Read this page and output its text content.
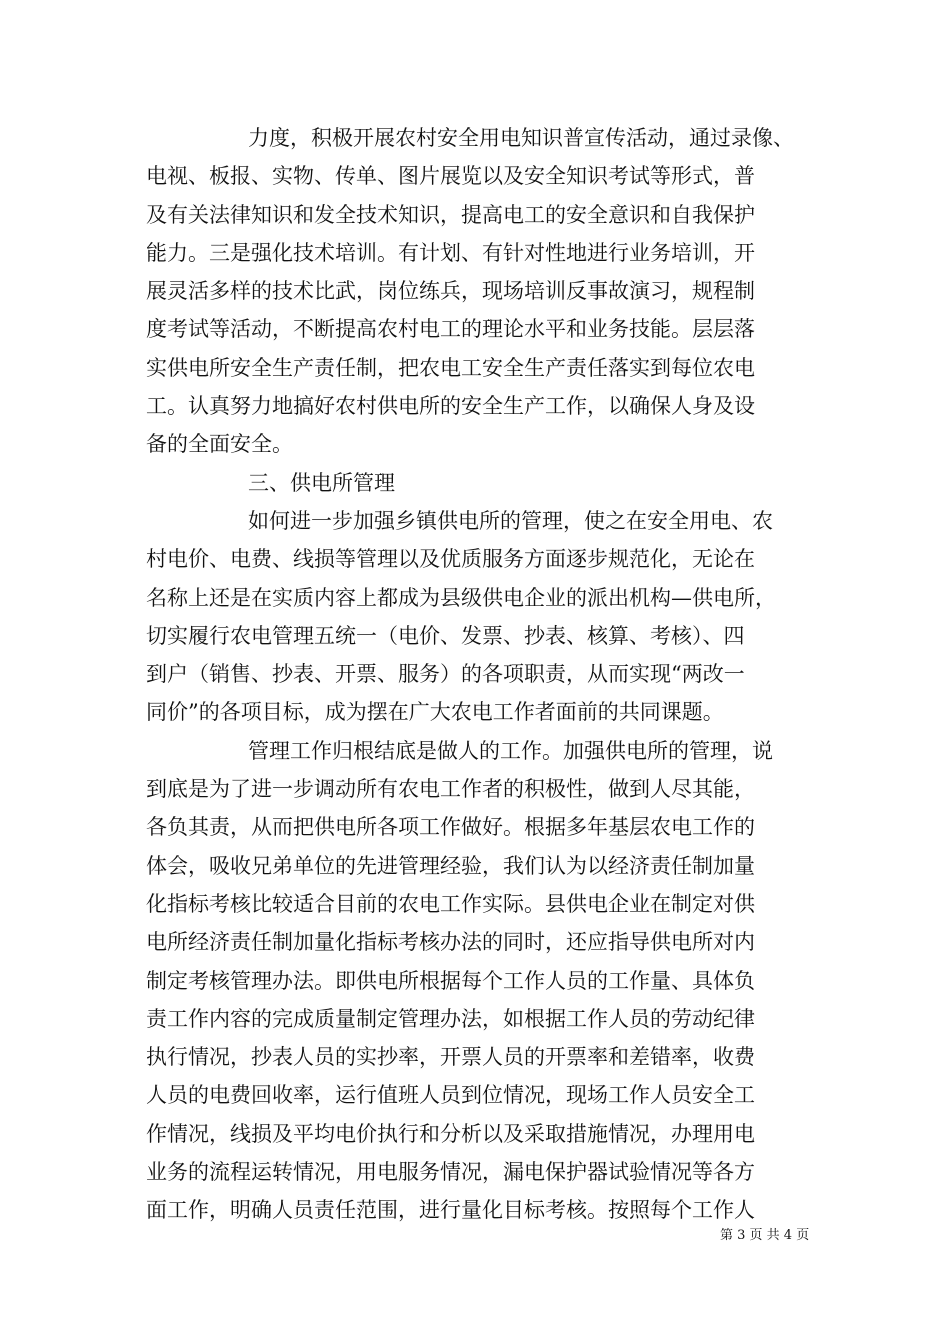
力度，积极开展农村安全用电知识普宣传活动，通过录像、
电视、板报、实物、传单、图片展览以及安全知识考试等形式，普
及有关法律知识和发全技术知识，提高电工的安全意识和自我保护
能力。三是强化技术培训。有计划、有针对性地进行业务培训，开
展灵活多样的技术比武，岗位练兵，现场培训反事故演习，规程制
度考试等活动，不断提高农村电工的理论水平和业务技能。层层落
实供电所安全生产责任制，把农电工安全生产责任落实到每位农电
工。认真努力地搞好农村供电所的安全生产工作，以确保人身及设
备的全面安全。
三、供电所管理
如何进一步加强乡镇供电所的管理，使之在安全用电、农
村电价、电费、线损等管理以及优质服务方面逐步规范化，无论在
名称上还是在实质内容上都成为县级供电企业的派出机构—供电所，
切实履行农电管理五统一（电价、发票、抄表、核算、考核）、四
到户（销售、抄表、开票、服务）的各项职责，从而实现“两改一
同价”的各项目标，成为摆在广大农电工作者面前的共同课题。
管理工作归根结底是做人的工作。加强供电所的管理，说
到底是为了进一步调动所有农电工作者的积极性，做到人尽其能，
各负其责，从而把供电所各项工作做好。根据多年基层农电工作的
体会，吸收兄弟单位的先进管理经验，我们认为以经济责任制加量
化指标考核比较适合目前的农电工作实际。县供电企业在制定对供
电所经济责任制加量化指标考核办法的同时，还应指导供电所对内
制定考核管理办法。即供电所根据每个工作人员的工作量、具体负
责工作内容的完成质量制定管理办法，如根据工作人员的劳动纪律
执行情况，抄表人员的实抄率，开票人员的开票率和差错率，收费
人员的电费回收率，运行值班人员到位情况，现场工作人员安全工
作情况，线损及平均电价执行和分析以及采取措施情况，办理用电
业务的流程运转情况，用电服务情况，漏电保护器试验情况等各方
面工作，明确人员责任范围，进行量化目标考核。按照每个工作人
第 3 页 共 4 页
